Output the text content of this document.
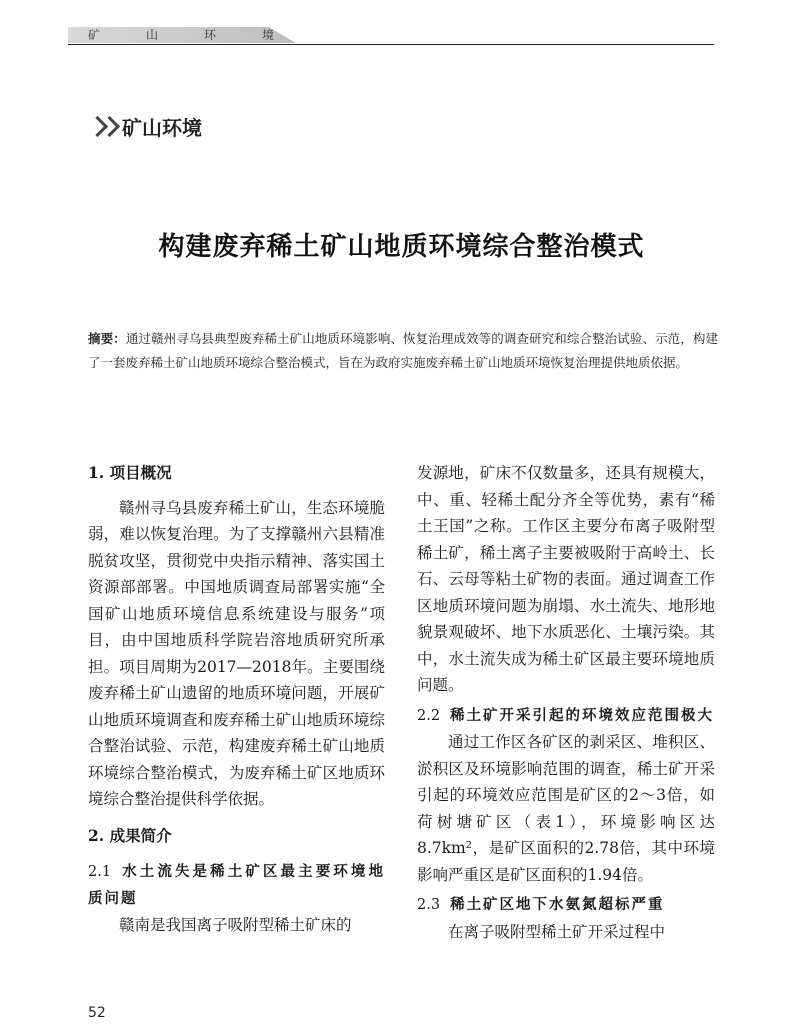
矿山环境
矿山环境
构建废弃稀土矿山地质环境综合整治模式
摘要：通过赣州寻乌县典型废弃稀土矿山地质环境影响、恢复治理成效等的调查研究和综合整治试验、示范，构建了一套废弃稀土矿山地质环境综合整治模式，旨在为政府实施废弃稀土矿山地质环境恢复治理提供地质依据。

1. 项目概况

赣州寻乌县废弃稀土矿山，生态环境脆弱，难以恢复治理。为了支撑赣州六县精准脱贫攻坚，贯彻党中央指示精神、落实国土资源部部署。中国地质调查局部署实施“全国矿山地质环境信息系统建设与服务”项目，由中国地质科学院岩溶地质研究所承担。项目周期为2017—2018年。主要围绕废弃稀土矿山遗留的地质环境问题，开展矿山地质环境调查和废弃稀土矿山地质环境综合整治试验、示范，构建废弃稀土矿山地质环境综合整治模式，为废弃稀土矿区地质环境综合整治提供科学依据。

2. 成果简介

2.1 水土流失是稀土矿区最主要环境地质问题

赣南是我国离子吸附型稀土矿床的

发源地，矿床不仅数量多，还具有规模大，中、重、轻稀土配分齐全等优势，素有“稀土王国”之称。工作区主要分布离子吸附型稀土矿，稀土离子主要被吸附于高岭土、长石、云母等粘土矿物的表面。通过调查工作区地质环境问题为崩塌、水土流失、地形地貌景观破坏、地下水质恶化、土壤污染。其中，水土流失成为稀土矿区最主要环境地质问题。

2.2 稀土矿开采引起的环境效应范围极大

通过工作区各矿区的剥采区、堆积区、淤积区及环境影响范围的调查，稀土矿开采引起的环境效应范围是矿区的2～3倍，如荷树塘矿区（表1），环境影响区达8.7km²，是矿区面积的2.78倍，其中环境影响严重区是矿区面积的1.94倍。

2.3 稀土矿区地下水氨氮超标严重

在离子吸附型稀土矿开采过程中

52
